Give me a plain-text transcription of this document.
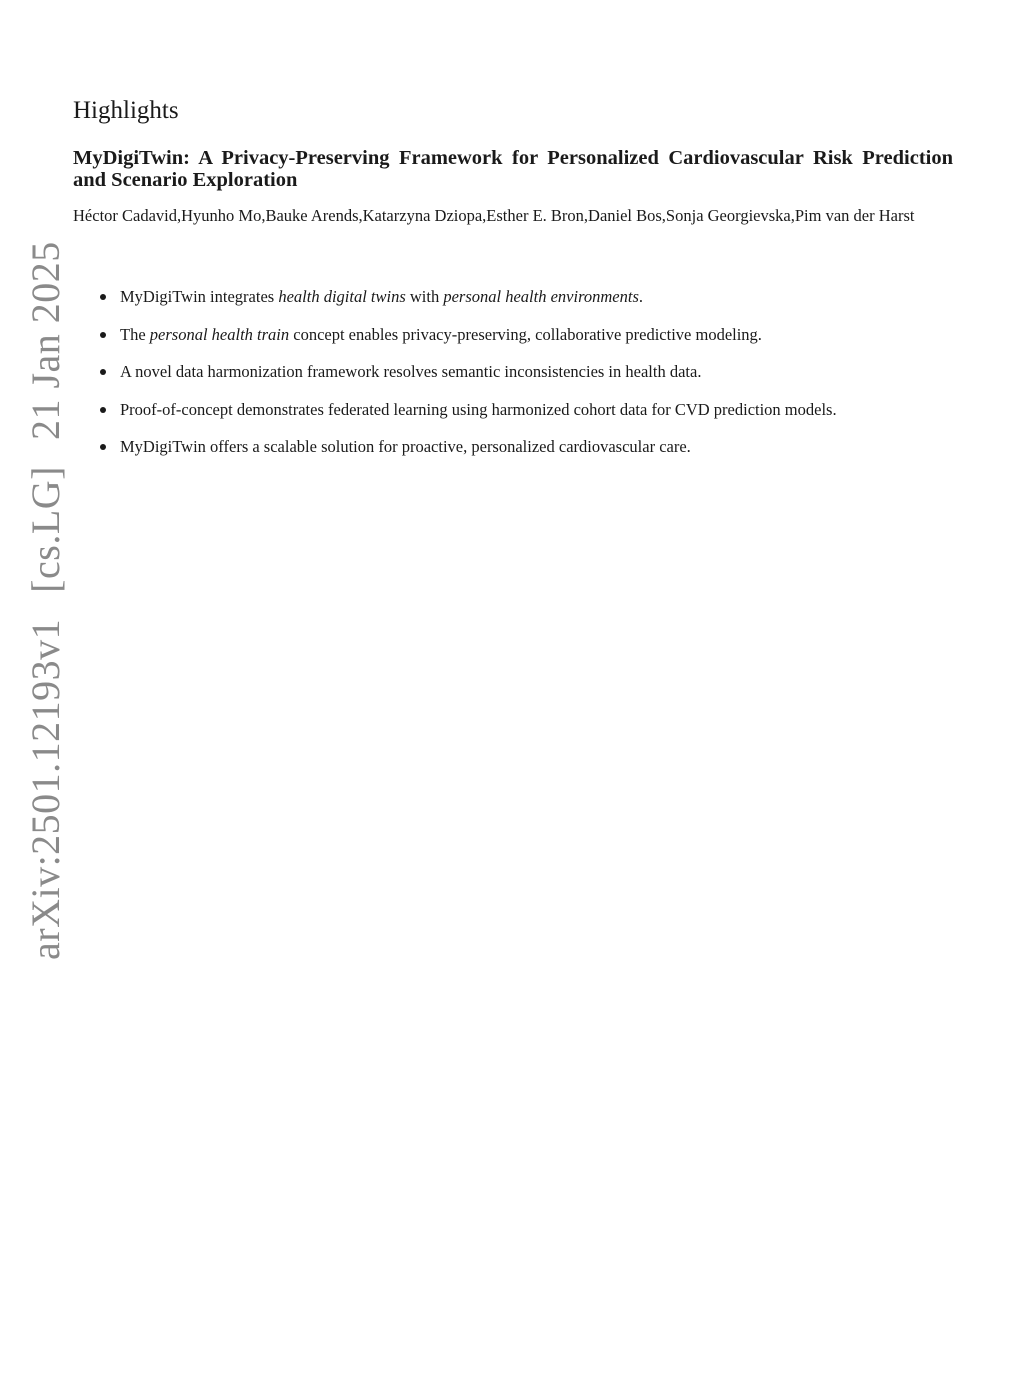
arXiv:2501.12193v1[cs.LG]21 Jan 2025
Highlights
MyDigiTwin: A Privacy-Preserving Framework for Personalized Cardiovascular Risk Prediction and Scenario Exploration

Héctor Cadavid,Hyunho Mo,Bauke Arends,Katarzyna Dziopa,Esther E. Bron,Daniel Bos,Sonja Georgievska,Pim van der Harst

MyDigiTwin integrates health digital twins with personal health environments.
The personal health train concept enables privacy-preserving, collaborative predictive modeling.
A novel data harmonization framework resolves semantic inconsistencies in health data.
Proof-of-concept demonstrates federated learning using harmonized cohort data for CVD prediction models.
MyDigiTwin offers a scalable solution for proactive, personalized cardiovascular care.
